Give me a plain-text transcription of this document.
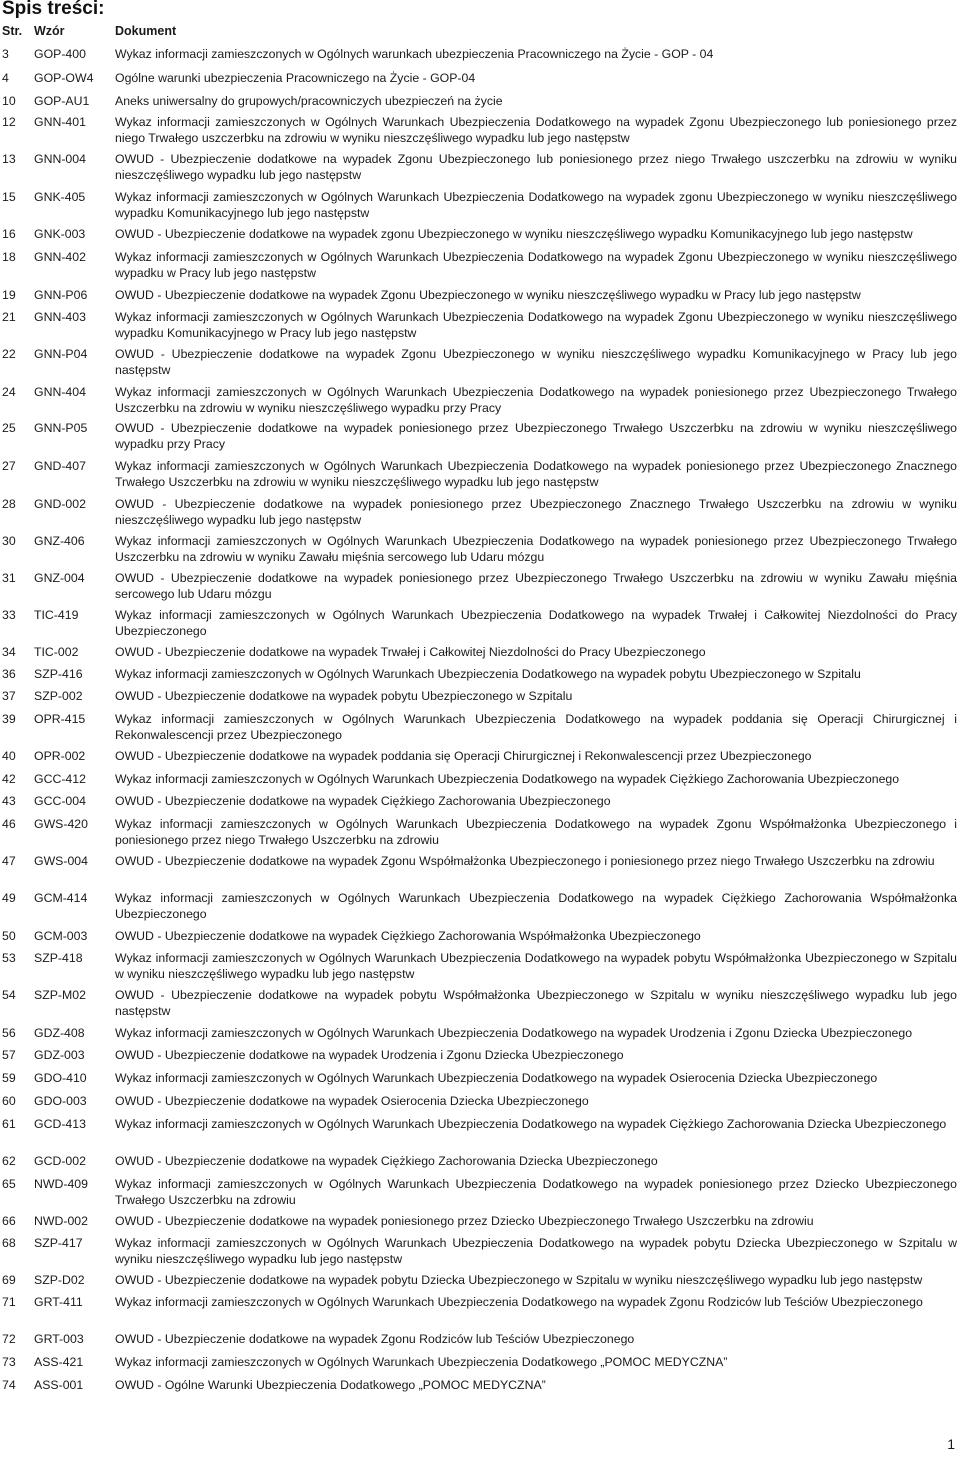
Spis treści:
Str. Wzór	Dokument
3	GOP-400	Wykaz informacji zamieszczonych w Ogólnych warunkach ubezpieczenia Pracowniczego na Życie - GOP - 04
4	GOP-OW4	Ogólne warunki ubezpieczenia Pracowniczego na Życie - GOP-04
10	GOP-AU1	Aneks uniwersalny do grupowych/pracowniczych ubezpieczeń na życie
12	GNN-401	Wykaz informacji zamieszczonych w Ogólnych Warunkach Ubezpieczenia Dodatkowego na wypadek Zgonu Ubezpieczonego lub poniesionego przez niego Trwałego uszczerbku na zdrowiu w wyniku nieszczęśliwego wypadku lub jego następstw
13	GNN-004	OWUD - Ubezpieczenie dodatkowe na wypadek Zgonu Ubezpieczonego lub poniesionego przez niego Trwałego uszczerbku na zdrowiu w wyniku nieszczęśliwego wypadku lub jego następstw
15	GNK-405	Wykaz informacji zamieszczonych w Ogólnych Warunkach Ubezpieczenia Dodatkowego na wypadek zgonu Ubezpieczonego w wyniku nieszczęśliwego wypadku Komunikacyjnego lub jego następstw
16	GNK-003	OWUD - Ubezpieczenie dodatkowe na wypadek zgonu Ubezpieczonego w wyniku nieszczęśliwego wypadku Komunikacyjnego lub jego następstw
18	GNN-402	Wykaz informacji zamieszczonych w Ogólnych Warunkach Ubezpieczenia Dodatkowego na wypadek Zgonu Ubezpieczonego w wyniku nieszczęśliwego wypadku w Pracy lub jego następstw
19	GNN-P06	OWUD - Ubezpieczenie dodatkowe na wypadek Zgonu Ubezpieczonego w wyniku nieszczęśliwego wypadku w Pracy lub jego następstw
21	GNN-403	Wykaz informacji zamieszczonych w Ogólnych Warunkach Ubezpieczenia Dodatkowego na wypadek Zgonu Ubezpieczonego w wyniku nieszczęśliwego wypadku Komunikacyjnego w Pracy lub jego następstw
22	GNN-P04	OWUD - Ubezpieczenie dodatkowe na wypadek Zgonu Ubezpieczonego w wyniku nieszczęśliwego wypadku Komunikacyjnego w Pracy lub jego następstw
24	GNN-404	Wykaz informacji zamieszczonych w Ogólnych Warunkach Ubezpieczenia Dodatkowego na wypadek poniesionego przez Ubezpieczonego Trwałego Uszczerbku na zdrowiu w wyniku nieszczęśliwego wypadku przy Pracy
25	GNN-P05	OWUD - Ubezpieczenie dodatkowe na wypadek poniesionego przez Ubezpieczonego Trwałego Uszczerbku na zdrowiu w wyniku nieszczęśliwego wypadku przy Pracy
27	GND-407	Wykaz informacji zamieszczonych w Ogólnych Warunkach Ubezpieczenia Dodatkowego na wypadek poniesionego przez Ubezpieczonego Znacznego Trwałego Uszczerbku na zdrowiu w wyniku nieszczęśliwego wypadku lub jego następstw
28	GND-002	OWUD - Ubezpieczenie dodatkowe na wypadek poniesionego przez Ubezpieczonego Znacznego Trwałego Uszczerbku na zdrowiu w wyniku nieszczęśliwego wypadku lub jego następstw
30	GNZ-406	Wykaz informacji zamieszczonych w Ogólnych Warunkach Ubezpieczenia Dodatkowego na wypadek poniesionego przez Ubezpieczonego Trwałego Uszczerbku na zdrowiu w wyniku Zawału mięśnia sercowego lub Udaru mózgu
31	GNZ-004	OWUD - Ubezpieczenie dodatkowe na wypadek poniesionego przez Ubezpieczonego Trwałego Uszczerbku na zdrowiu w wyniku Zawału mięśnia sercowego lub Udaru mózgu
33	TIC-419	Wykaz informacji zamieszczonych w Ogólnych Warunkach Ubezpieczenia Dodatkowego na wypadek Trwałej i Całkowitej Niezdolności do Pracy Ubezpieczonego
34	TIC-002	OWUD - Ubezpieczenie dodatkowe na wypadek Trwałej i Całkowitej Niezdolności do Pracy Ubezpieczonego
36	SZP-416	Wykaz informacji zamieszczonych w Ogólnych Warunkach Ubezpieczenia Dodatkowego na wypadek pobytu Ubezpieczonego w Szpitalu
37	SZP-002	OWUD - Ubezpieczenie dodatkowe na wypadek pobytu Ubezpieczonego w Szpitalu
39	OPR-415	Wykaz informacji zamieszczonych w Ogólnych Warunkach Ubezpieczenia Dodatkowego na wypadek poddania się Operacji Chirurgicznej i Rekonwalescencji przez Ubezpieczonego
40	OPR-002	OWUD - Ubezpieczenie dodatkowe na wypadek poddania się Operacji Chirurgicznej i Rekonwalescencji przez Ubezpieczonego
42	GCC-412	Wykaz informacji zamieszczonych w Ogólnych Warunkach Ubezpieczenia Dodatkowego na wypadek Ciężkiego Zachorowania Ubezpieczonego
43	GCC-004	OWUD - Ubezpieczenie dodatkowe na wypadek Ciężkiego Zachorowania Ubezpieczonego
46	GWS-420	Wykaz informacji zamieszczonych w Ogólnych Warunkach Ubezpieczenia Dodatkowego na wypadek Zgonu Współmałżonka Ubezpieczonego i poniesionego przez niego Trwałego Uszczerbku na zdrowiu
47	GWS-004	OWUD - Ubezpieczenie dodatkowe na wypadek Zgonu Współmałżonka Ubezpieczonego i poniesionego przez niego Trwałego Uszczerbku na zdrowiu
49	GCM-414	Wykaz informacji zamieszczonych w Ogólnych Warunkach Ubezpieczenia Dodatkowego na wypadek Ciężkiego Zachorowania Współmałżonka Ubezpieczonego
50	GCM-003	OWUD - Ubezpieczenie dodatkowe na wypadek Ciężkiego Zachorowania Współmałżonka Ubezpieczonego
53	SZP-418	Wykaz informacji zamieszczonych w Ogólnych Warunkach Ubezpieczenia Dodatkowego na wypadek pobytu Współmałżonka Ubezpieczonego w Szpitalu w wyniku nieszczęśliwego wypadku lub jego następstw
54	SZP-M02	OWUD - Ubezpieczenie dodatkowe na wypadek pobytu Współmałżonka Ubezpieczonego w Szpitalu w wyniku nieszczęśliwego wypadku lub jego następstw
56	GDZ-408	Wykaz informacji zamieszczonych w Ogólnych Warunkach Ubezpieczenia Dodatkowego na wypadek Urodzenia i Zgonu Dziecka Ubezpieczonego
57	GDZ-003	OWUD - Ubezpieczenie dodatkowe na wypadek Urodzenia i Zgonu Dziecka Ubezpieczonego
59	GDO-410	Wykaz informacji zamieszczonych w Ogólnych Warunkach Ubezpieczenia Dodatkowego na wypadek Osierocenia Dziecka Ubezpieczonego
60	GDO-003	OWUD - Ubezpieczenie dodatkowe na wypadek Osierocenia Dziecka Ubezpieczonego
61	GCD-413	Wykaz informacji zamieszczonych w Ogólnych Warunkach Ubezpieczenia Dodatkowego na wypadek Ciężkiego Zachorowania Dziecka Ubezpieczonego
62	GCD-002	OWUD - Ubezpieczenie dodatkowe na wypadek Ciężkiego Zachorowania Dziecka Ubezpieczonego
65	NWD-409	Wykaz informacji zamieszczonych w Ogólnych Warunkach Ubezpieczenia Dodatkowego na wypadek poniesionego przez Dziecko Ubezpieczonego Trwałego Uszczerbku na zdrowiu
66	NWD-002	OWUD - Ubezpieczenie dodatkowe na wypadek poniesionego przez Dziecko Ubezpieczonego Trwałego Uszczerbku na zdrowiu
68	SZP-417	Wykaz informacji zamieszczonych w Ogólnych Warunkach Ubezpieczenia Dodatkowego na wypadek pobytu Dziecka Ubezpieczonego w Szpitalu w wyniku nieszczęśliwego wypadku lub jego następstw
69	SZP-D02	OWUD - Ubezpieczenie dodatkowe na wypadek pobytu Dziecka Ubezpieczonego w Szpitalu w wyniku nieszczęśliwego wypadku lub jego następstw
71	GRT-411	Wykaz informacji zamieszczonych w Ogólnych Warunkach Ubezpieczenia Dodatkowego na wypadek Zgonu Rodziców lub Teściów Ubezpieczonego
72	GRT-003	OWUD - Ubezpieczenie dodatkowe na wypadek Zgonu Rodziców lub Teściów Ubezpieczonego
73	ASS-421	Wykaz informacji zamieszczonych w Ogólnych Warunkach Ubezpieczenia Dodatkowego „POMOC MEDYCZNA”
74	ASS-001	OWUD - Ogólne Warunki Ubezpieczenia Dodatkowego „POMOC MEDYCZNA”
1
